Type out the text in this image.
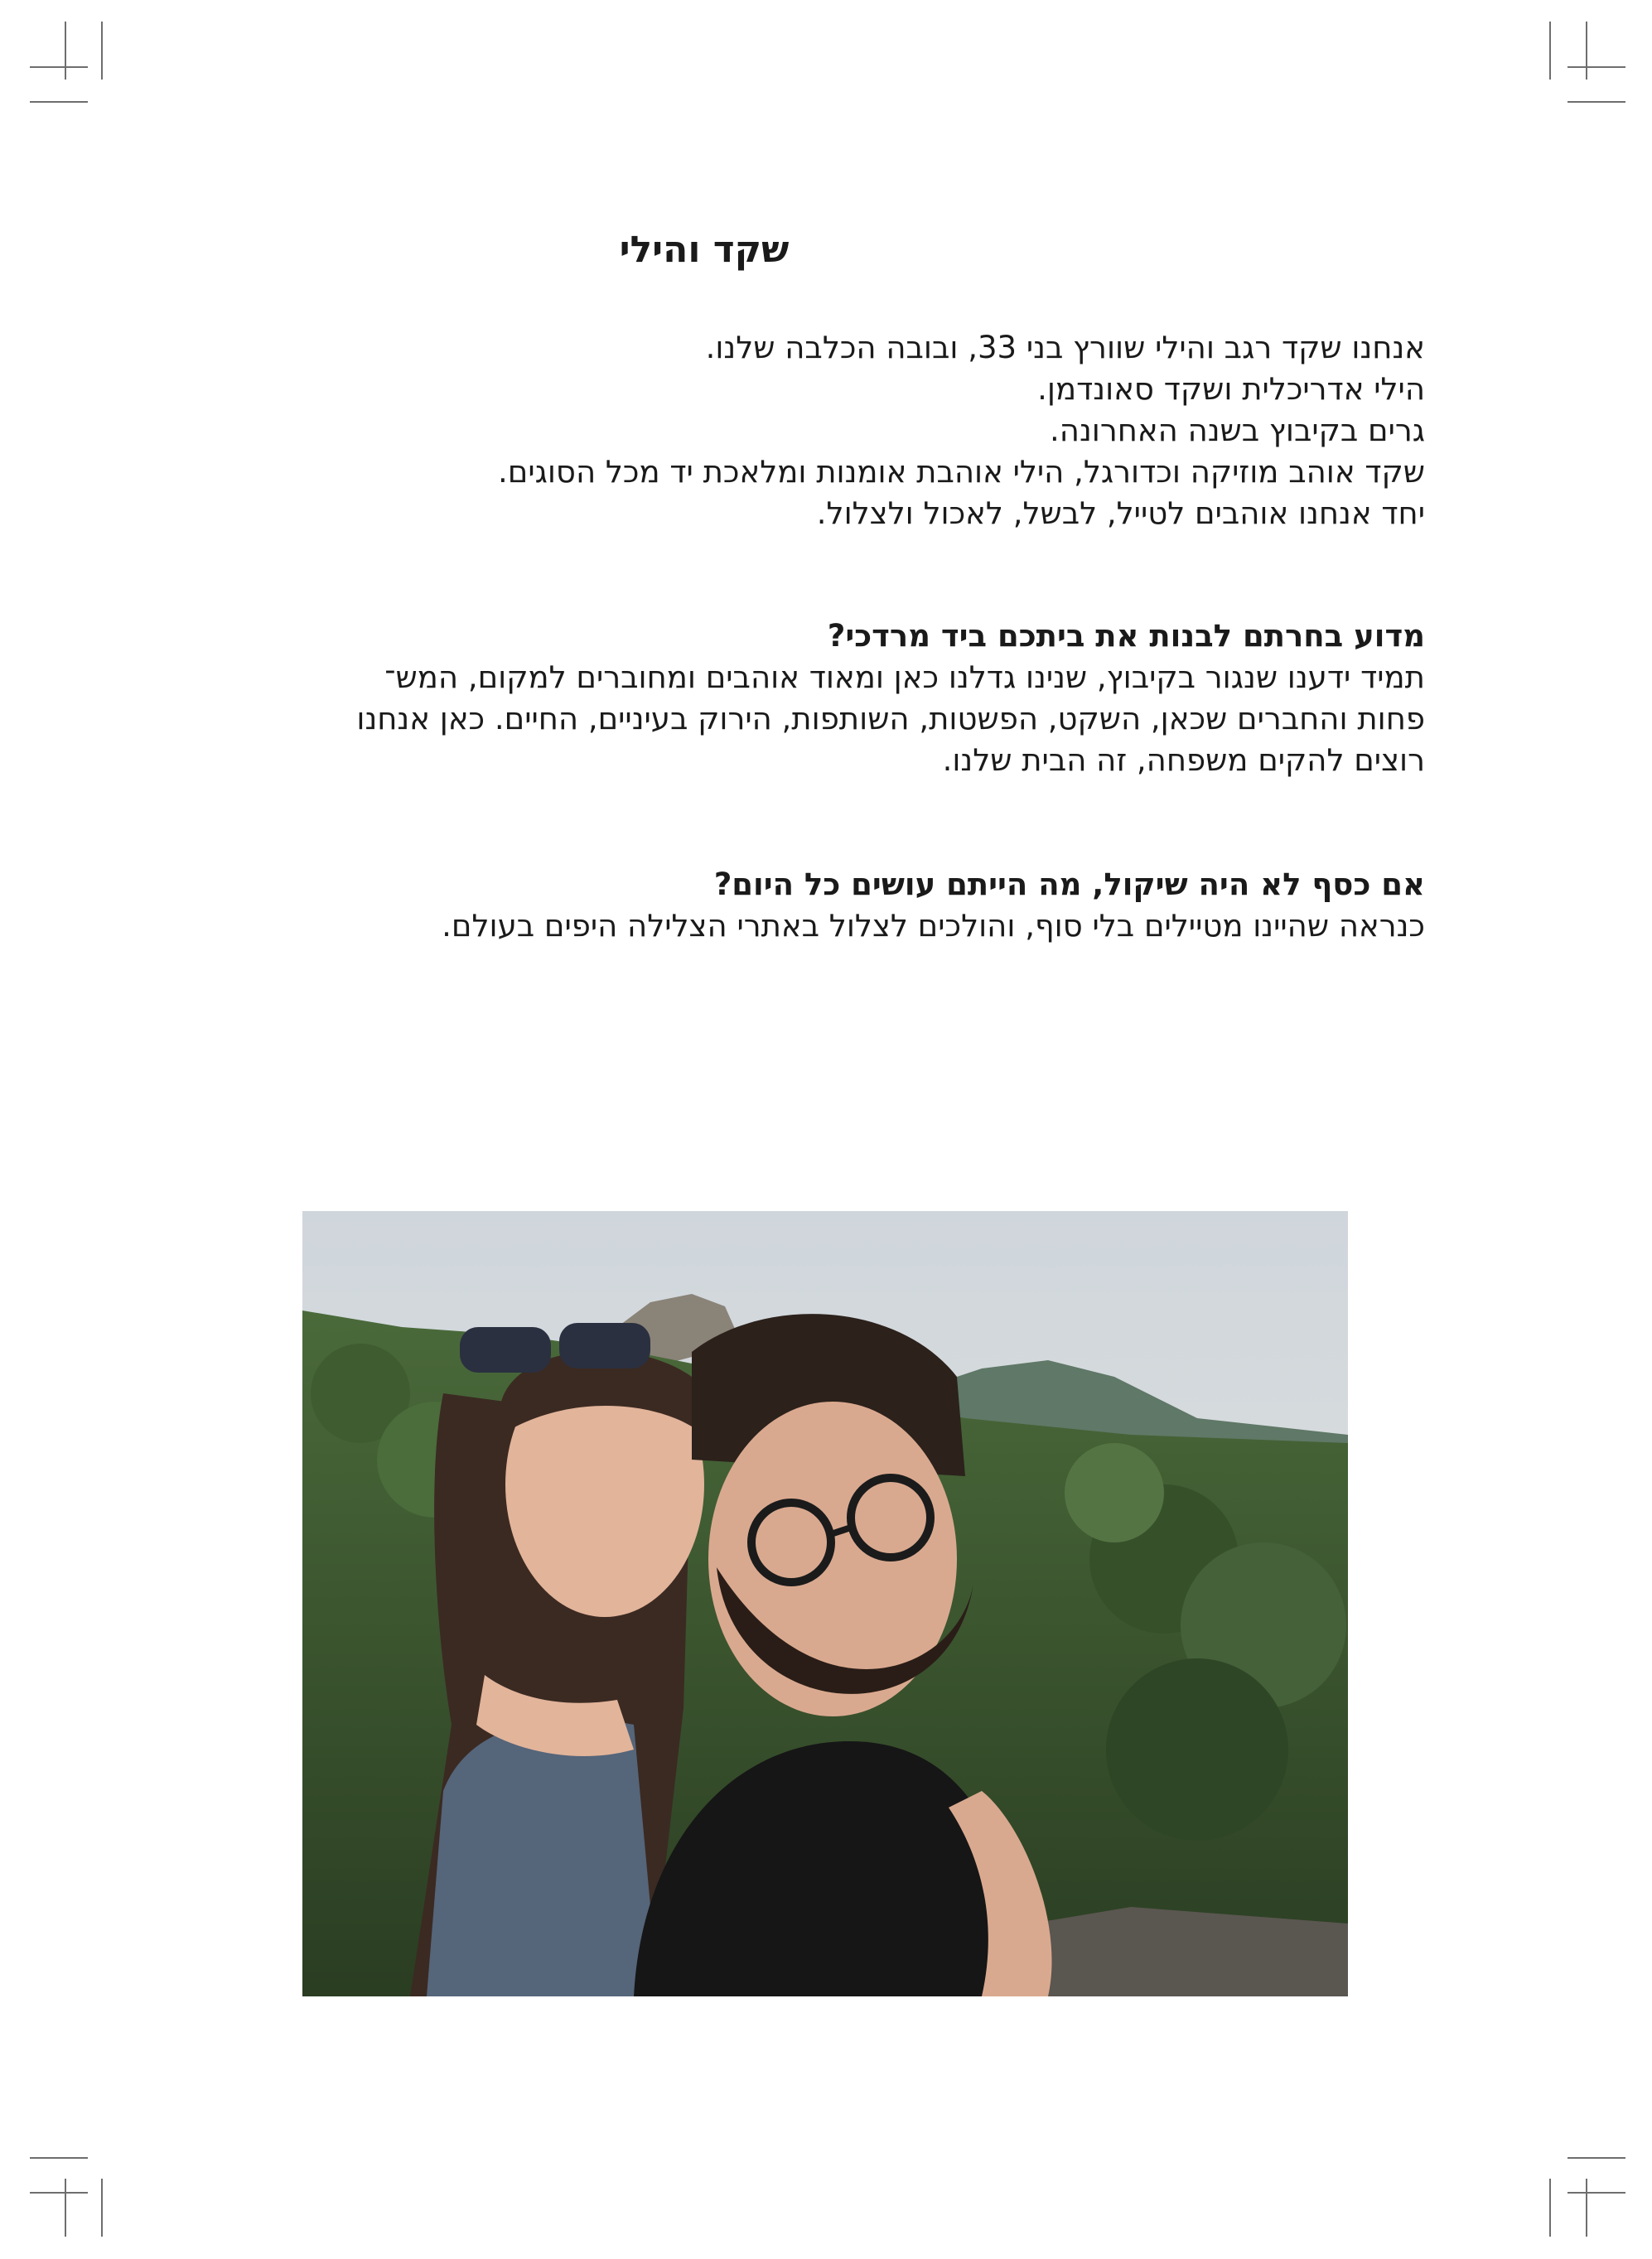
שקד והילי

אנחנו שקד רגב והילי שוורץ בני 33, ובובה הכלבה שלנו.

הילי אדריכלית ושקד סאונדמן.

גרים בקיבוץ בשנה האחרונה.

שקד אוהב מוזיקה וכדורגל, הילי אוהבת אומנות ומלאכת יד מכל הסוגים.

יחד אנחנו אוהבים לטייל, לבשל, לאכול ולצלול.

מדוע בחרתם לבנות את ביתכם ביד מרדכי?

תמיד ידענו שנגור בקיבוץ, שנינו גדלנו כאן ומאוד אוהבים ומחוברים למקום, המש־

פחות והחברים שכאן, השקט, הפשטות, השותפות, הירוק בעיניים, החיים. כאן אנחנו

רוצים להקים משפחה, זה הבית שלנו.

אם כסף לא היה שיקול, מה הייתם עושים כל היום?

כנראה שהיינו מטיילים בלי סוף, והולכים לצלול באתרי הצלילה היפים בעולם.
